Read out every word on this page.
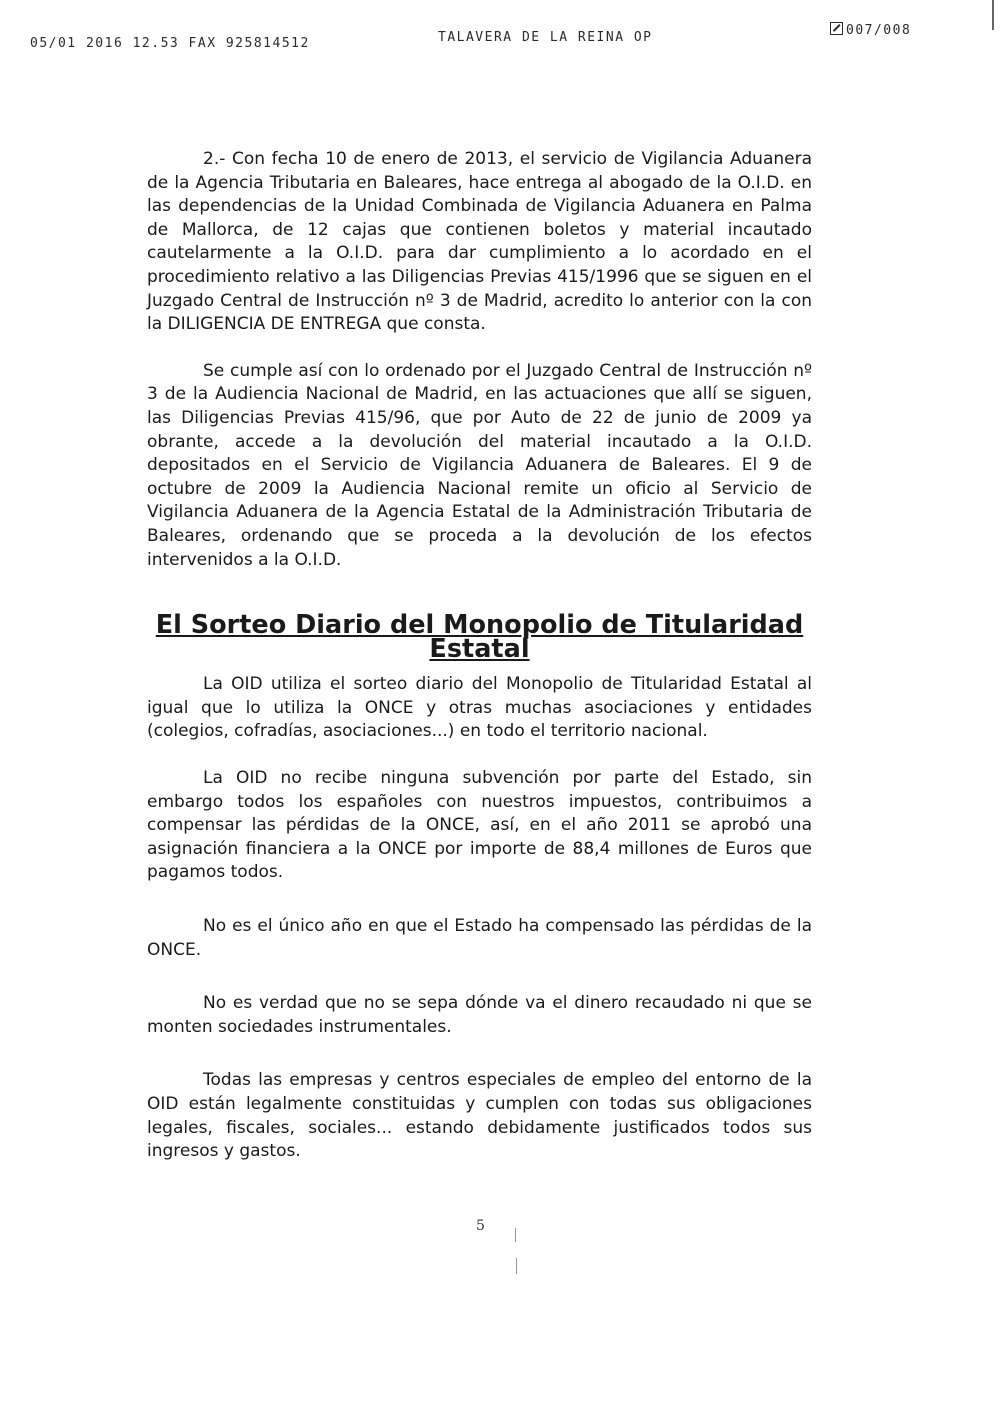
05/01 2016 12.53 FAX 925814512	TALAVERA DE LA REINA OP	007/008

2.- Con fecha 10 de enero de 2013, el servicio de Vigilancia Aduanera de la Agencia Tributaria en Baleares, hace entrega al abogado de la O.I.D. en las dependencias de la Unidad Combinada de Vigilancia Aduanera en Palma de Mallorca, de 12 cajas que contienen boletos y material incautado cautelarmente a la O.I.D. para dar cumplimiento a lo acordado en el procedimiento relativo a las Diligencias Previas 415/1996 que se siguen en el Juzgado Central de Instrucción nº 3 de Madrid, acredito lo anterior con la con la DILIGENCIA DE ENTREGA que consta.

Se cumple así con lo ordenado por el Juzgado Central de Instrucción nº 3 de la Audiencia Nacional de Madrid, en las actuaciones que allí se siguen, las Diligencias Previas 415/96, que por Auto de 22 de junio de 2009 ya obrante, accede a la devolución del material incautado a la O.I.D. depositados en el Servicio de Vigilancia Aduanera de Baleares. El 9 de octubre de 2009 la Audiencia Nacional remite un oficio al Servicio de Vigilancia Aduanera de la Agencia Estatal de la Administración Tributaria de Baleares, ordenando que se proceda a la devolución de los efectos intervenidos a la O.I.D.

El Sorteo Diario del Monopolio de Titularidad Estatal

La OID utiliza el sorteo diario del Monopolio de Titularidad Estatal al igual que lo utiliza la ONCE y otras muchas asociaciones y entidades (colegios, cofradías, asociaciones...) en todo el territorio nacional.

La OID no recibe ninguna subvención por parte del Estado, sin embargo todos los españoles con nuestros impuestos, contribuimos a compensar las pérdidas de la ONCE, así, en el año 2011 se aprobó una asignación financiera a la ONCE por importe de 88,4 millones de Euros que pagamos todos.

No es el único año en que el Estado ha compensado las pérdidas de la ONCE.

No es verdad que no se sepa dónde va el dinero recaudado ni que se monten sociedades instrumentales.

Todas las empresas y centros especiales de empleo del entorno de la OID están legalmente constituidas y cumplen con todas sus obligaciones legales, fiscales, sociales... estando debidamente justificados todos sus ingresos y gastos.

5
